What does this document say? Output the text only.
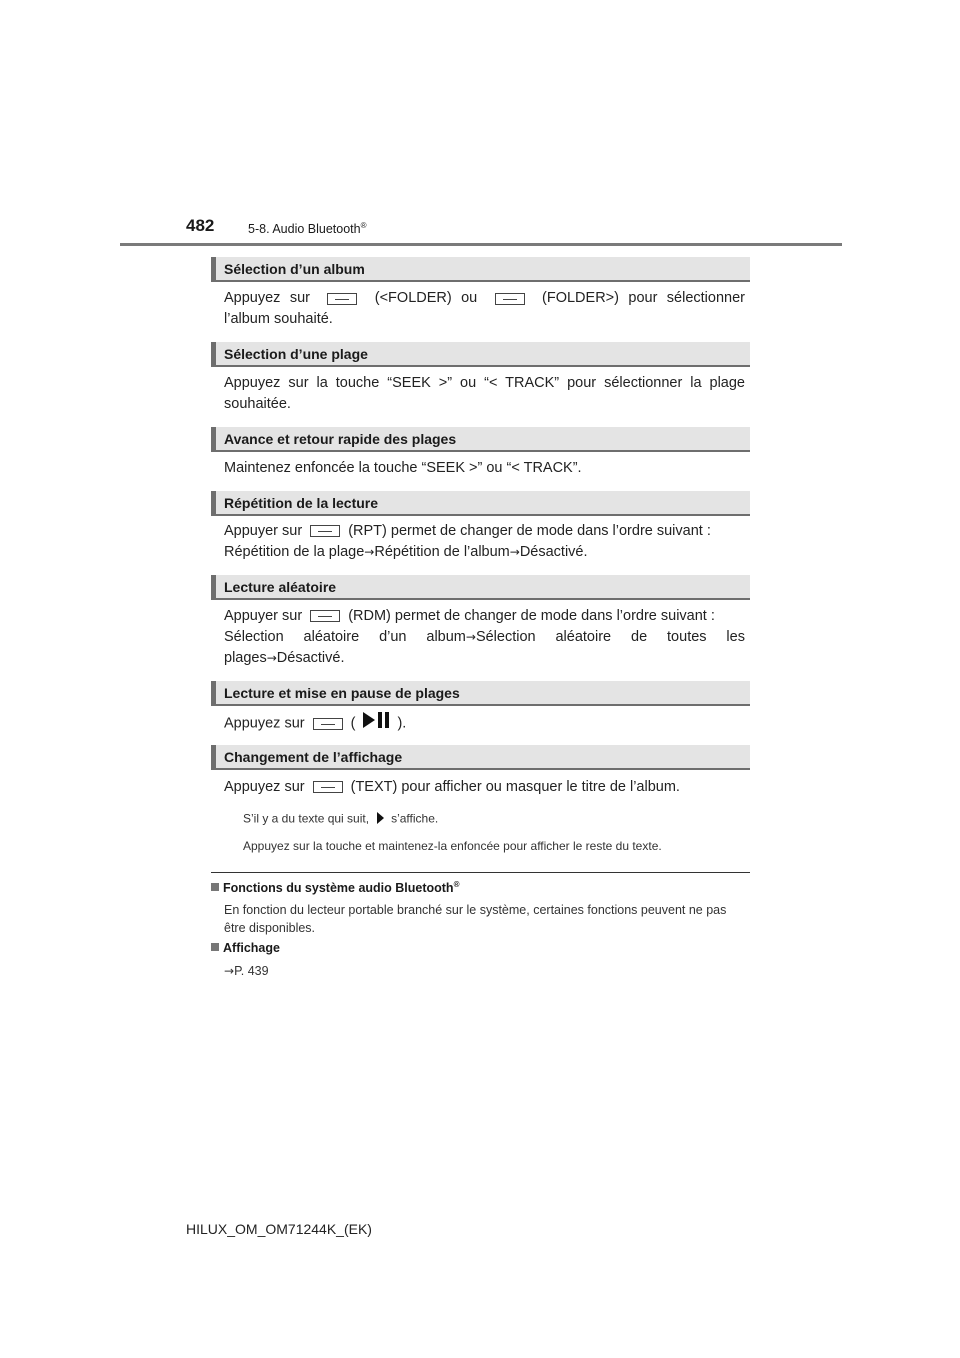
482	5-8. Audio Bluetooth®
Sélection d’un album
Appuyez sur	(<FOLDER) ou	(FOLDER>) pour sélectionner
l’album souhaité.
Sélection d’une plage
Appuyez sur la touche “SEEK >” ou “< TRACK” pour sélectionner la plage souhaitée.
Avance et retour rapide des plages
Maintenez enfoncée la touche “SEEK >” ou “< TRACK”.
Répétition de la lecture
Appuyer sur	(RPT) permet de changer de mode dans l’ordre suivant :
Répétition de la plage→Répétition de l’album→Désactivé.
Lecture aléatoire
Appuyer sur	(RDM) permet de changer de mode dans l’ordre suivant :
Sélection aléatoire d’un album→Sélection aléatoire de toutes les
plages→Désactivé.
Lecture et mise en pause de plages
Appuyez sur	(	).
Changement de l’affichage
Appuyez sur	(TEXT) pour afficher ou masquer le titre de l’album.
S’il y a du texte qui suit, s’affiche.
Appuyez sur la touche et maintenez-la enfoncée pour afficher le reste du texte.
Fonctions du système audio Bluetooth®
En fonction du lecteur portable branché sur le système, certaines fonctions peuvent ne pas être disponibles.
Affichage
→P. 439
HILUX_OM_OM71244K_(EK)
